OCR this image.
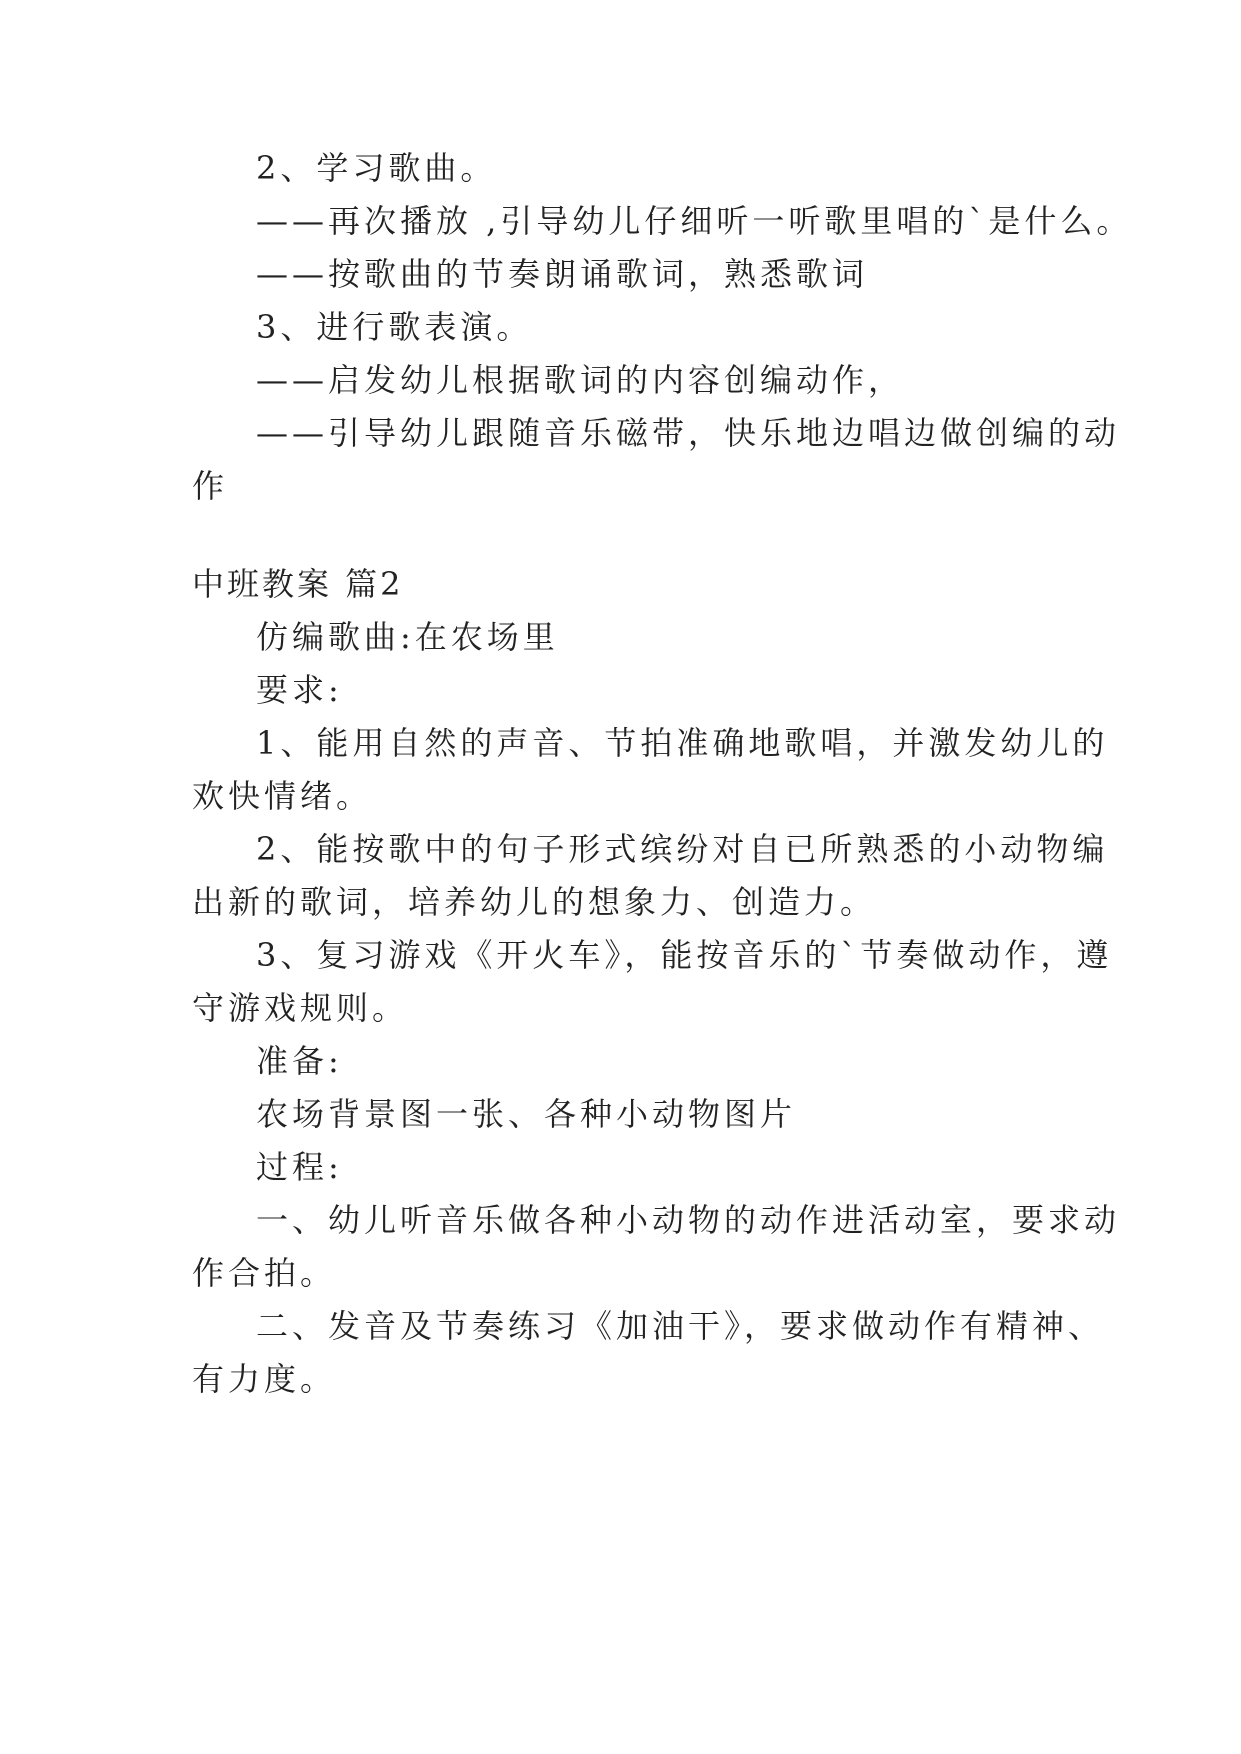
2、学习歌曲。
——再次播放 ,引导幼儿仔细听一听歌里唱的`是什么。
——按歌曲的节奏朗诵歌词，熟悉歌词
3、进行歌表演。
——启发幼儿根据歌词的内容创编动作，
——引导幼儿跟随音乐磁带，快乐地边唱边做创编的动
作
中班教案 篇2
仿编歌曲:在农场里
要求:
1、能用自然的声音、节拍准确地歌唱，并激发幼儿的
欢快情绪。
2、能按歌中的句子形式缤纷对自已所熟悉的小动物编
出新的歌词，培养幼儿的想象力、创造力。
3、复习游戏《开火车》，能按音乐的`节奏做动作，遵
守游戏规则。
准备:
农场背景图一张、各种小动物图片
过程:
一、幼儿听音乐做各种小动物的动作进活动室，要求动
作合拍。
二、发音及节奏练习《加油干》，要求做动作有精神、
有力度。
